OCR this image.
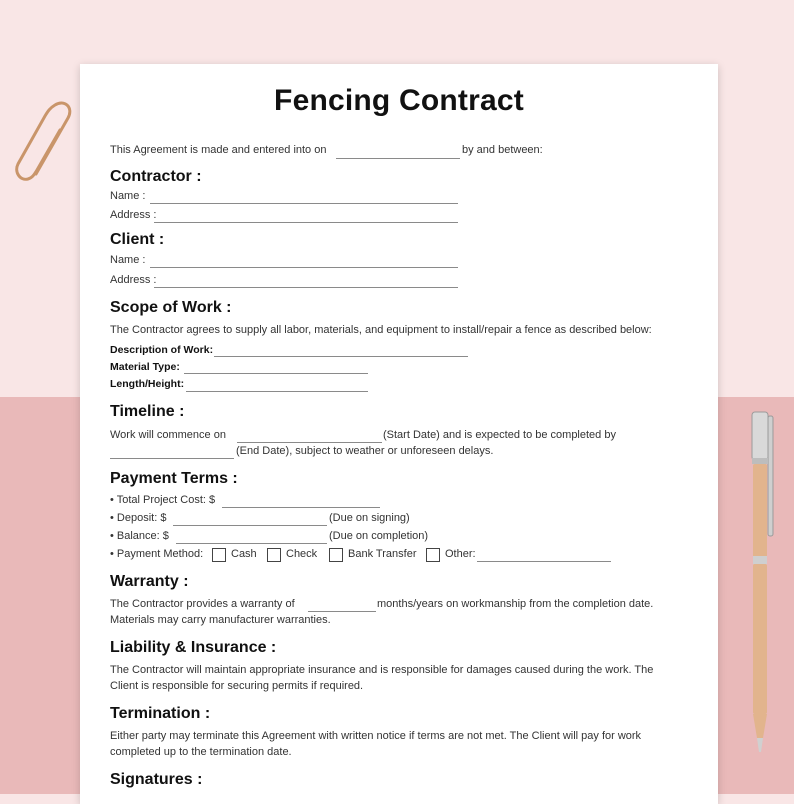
Fencing Contract
This Agreement is made and entered into on	by and between:
Contractor :
Name :
Address :
Client :
Name :
Address :
Scope of Work :
The Contractor agrees to supply all labor, materials, and equipment to install/repair a fence as described below:
Description of Work:
Material Type:
Length/Height:
Timeline :
Work will commence on	(Start Date) and is expected to be completed by
(End Date), subject to weather or unforeseen delays.
Payment Terms :
• Total Project Cost: $
• Deposit: $	(Due on signing)
• Balance: $	(Due on completion)
• Payment Method:	Cash	Check	Bank Transfer	Other:
Warranty :
The Contractor provides a warranty of	months/years on workmanship from the completion date.
Materials may carry manufacturer warranties.
Liability & Insurance :
The Contractor will maintain appropriate insurance and is responsible for damages caused during the work. The
Client is responsible for securing permits if required.
Termination :
Either party may terminate this Agreement with written notice if terms are not met. The Client will pay for work
completed up to the termination date.
Signatures :
